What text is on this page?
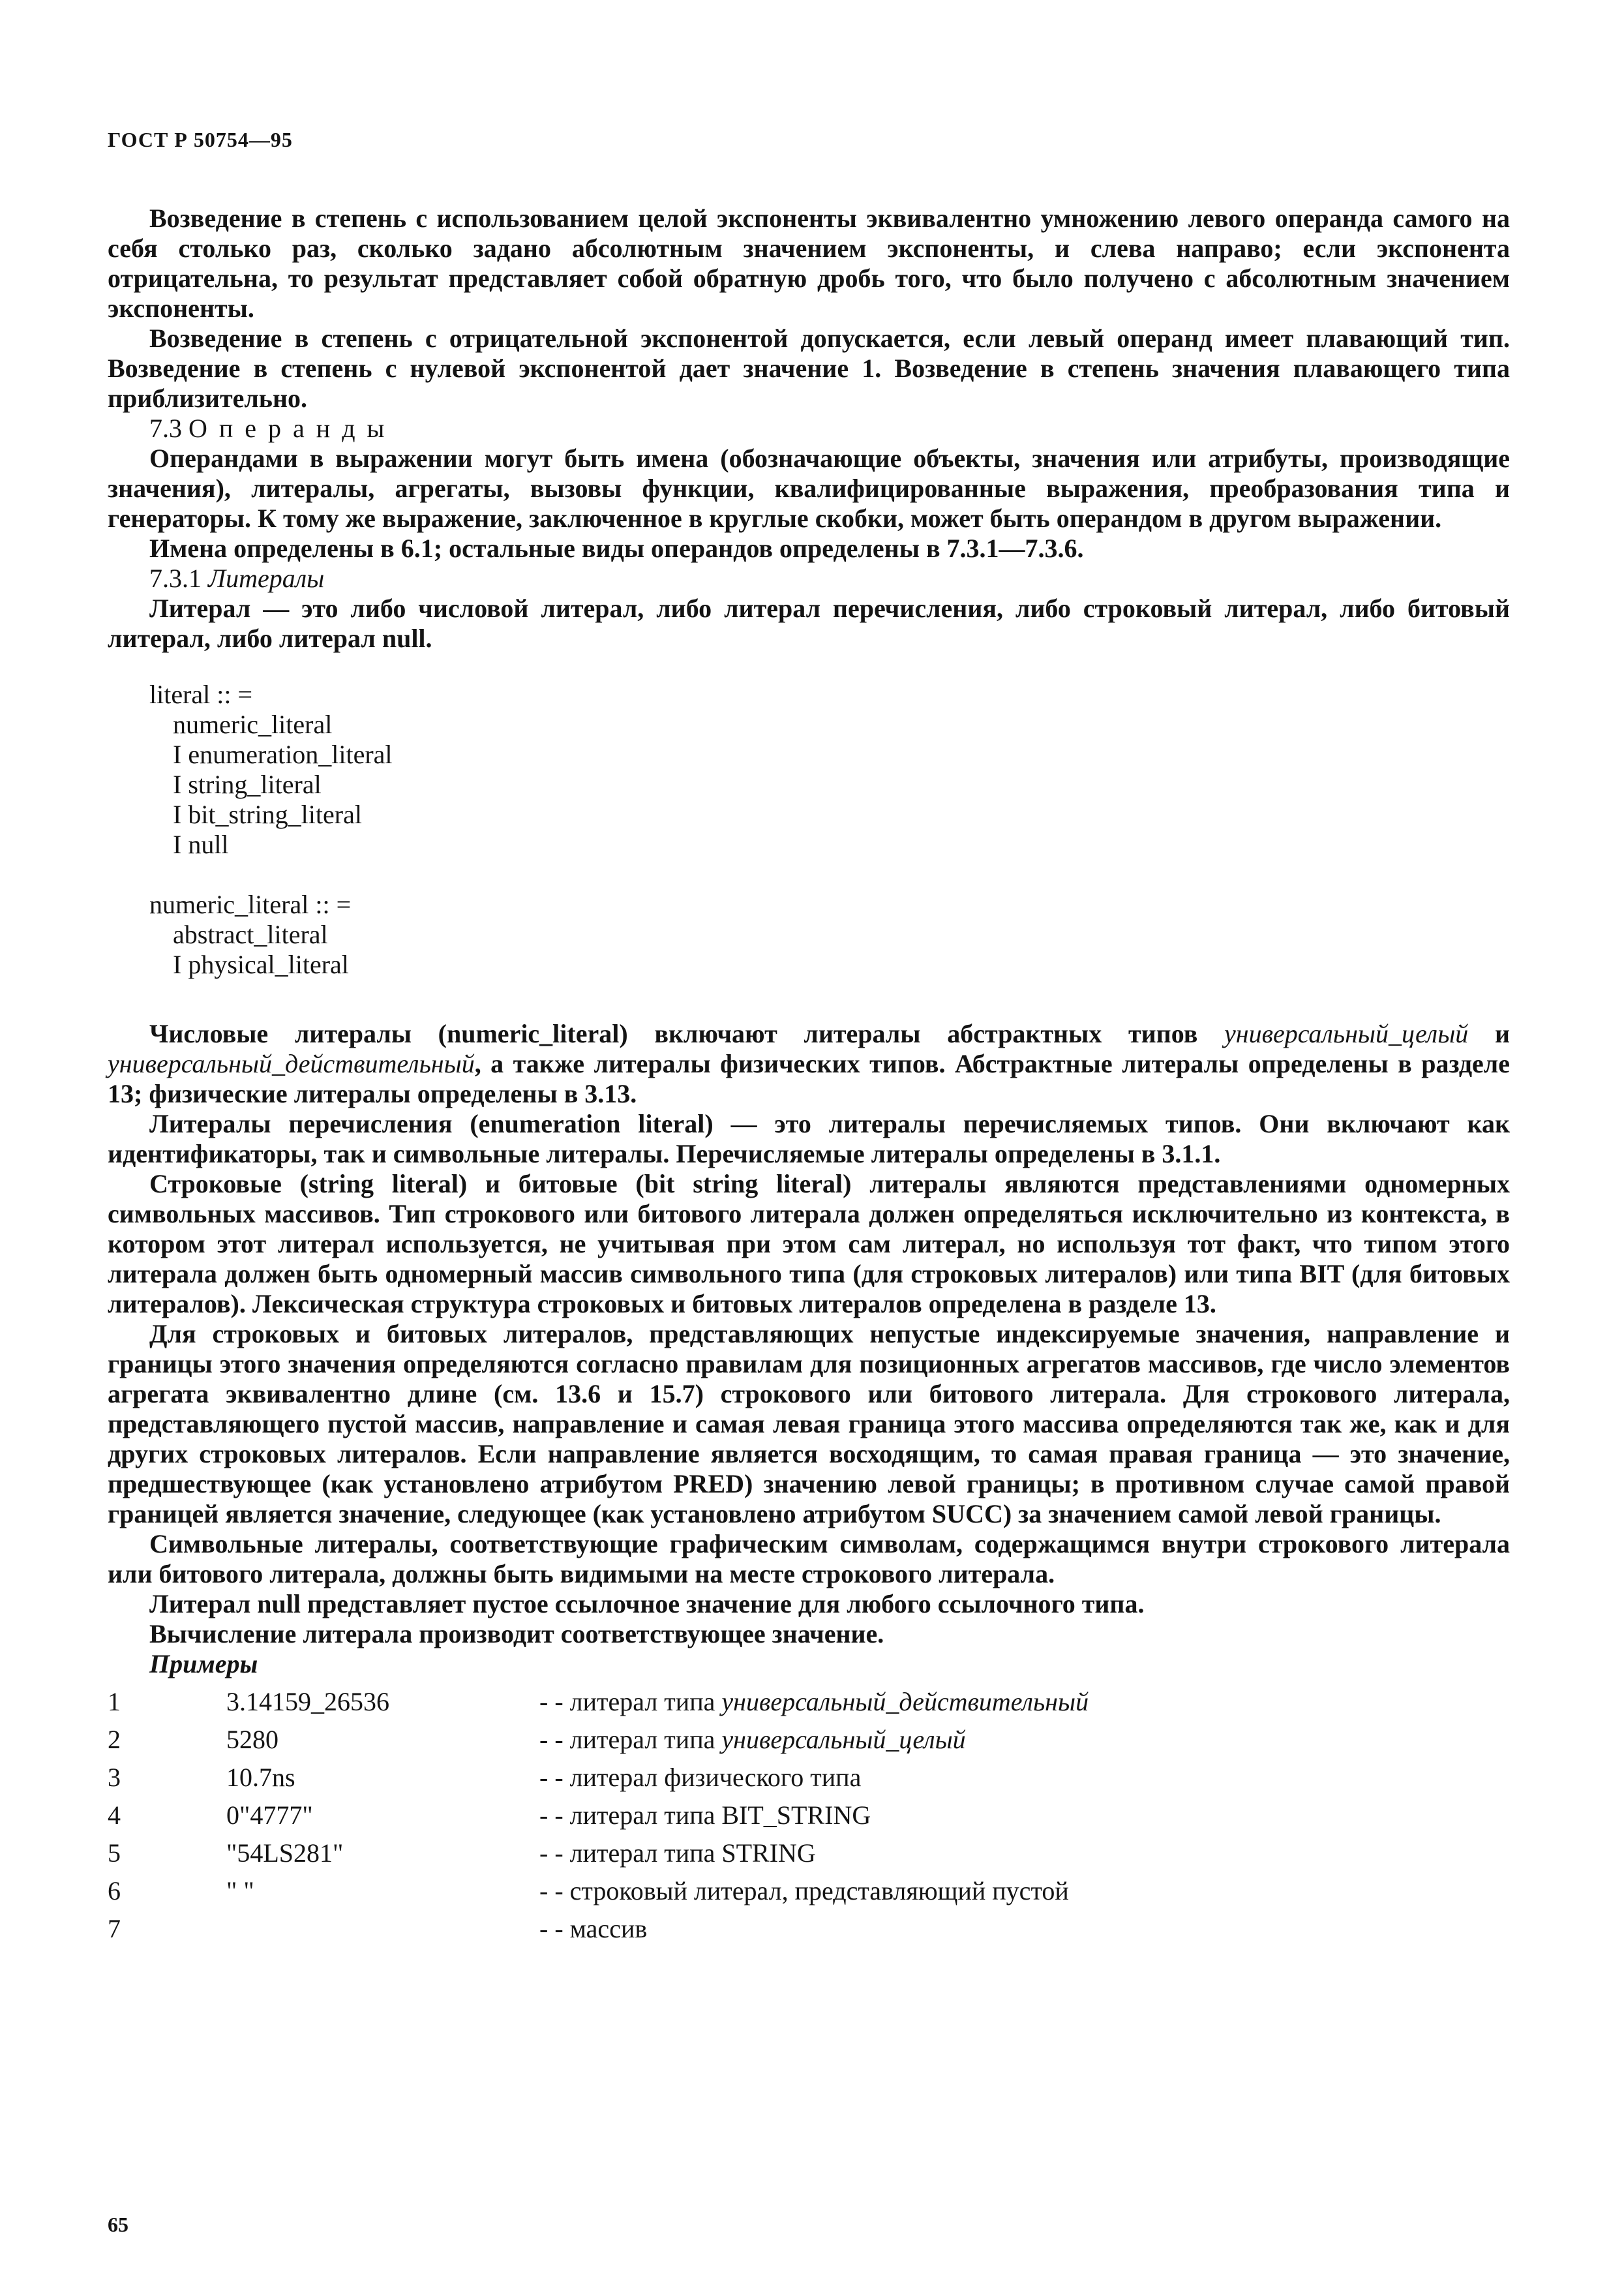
ГОСТ Р 50754—95

Возведение в степень с использованием целой экспоненты эквивалентно умножению левого операнда самого на себя столько раз, сколько задано абсолютным значением экспоненты, и слева направо; если экспонента отрицательна, то результат представляет собой обратную дробь того, что было получено с абсолютным значением экспоненты.

Возведение в степень с отрицательной экспонентой допускается, если левый операнд имеет плавающий тип. Возведение в степень с нулевой экспонентой дает значение 1. Возведение в степень значения плавающего типа приблизительно.

7.3 Операнды

Операндами в выражении могут быть имена (обозначающие объекты, значения или атрибуты, производящие значения), литералы, агрегаты, вызовы функции, квалифицированные выражения, преобразования типа и генераторы. К тому же выражение, заключенное в круглые скобки, может быть операндом в другом выражении.

Имена определены в 6.1; остальные виды операндов определены в 7.3.1—7.3.6.

7.3.1 Литералы

Литерал — это либо числовой литерал, либо литерал перечисления, либо строковый литерал, либо битовый литерал, либо литерал null.

literal :: =
numeric_literal
I enumeration_literal
I string_literal
I bit_string_literal
I null
numeric_literal :: =
abstract_literal
I physical_literal

Числовые литералы (numeric_literal) включают литералы абстрактных типов универсальный_целый и универсальный_действительный, а также литералы физических типов. Абстрактные литералы определены в разделе 13; физические литералы определены в 3.13.

Литералы перечисления (enumeration literal) — это литералы перечисляемых типов. Они включают как идентификаторы, так и символьные литералы. Перечисляемые литералы определены в 3.1.1.

Строковые (string literal) и битовые (bit string literal) литералы являются представлениями одномерных символьных массивов. Тип строкового или битового литерала должен определяться исключительно из контекста, в котором этот литерал используется, не учитывая при этом сам литерал, но используя тот факт, что типом этого литерала должен быть одномерный массив символьного типа (для строковых литералов) или типа BIT (для битовых литералов). Лексическая структура строковых и битовых литералов определена в разделе 13.

Для строковых и битовых литералов, представляющих непустые индексируемые значения, направление и границы этого значения определяются согласно правилам для позиционных агрегатов массивов, где число элементов агрегата эквивалентно длине (см. 13.6 и 15.7) строкового или битового литерала. Для строкового литерала, представляющего пустой массив, направление и самая левая граница этого массива определяются так же, как и для других строковых литералов. Если направление является восходящим, то самая правая граница — это значение, предшествующее (как установлено атрибутом PRED) значению левой границы; в противном случае самой правой границей является значение, следующее (как установлено атрибутом SUCC) за значением самой левой границы.

Символьные литералы, соответствующие графическим символам, содержащимся внутри строкового литерала или битового литерала, должны быть видимыми на месте строкового литерала.

Литерал null представляет пустое ссылочное значение для любого ссылочного типа.

Вычисление литерала производит соответствующее значение.

Примеры
1	3.14159_26536	- - литерал типа универсальный_действительный
2	5280	- - литерал типа универсальный_целый
3	10.7ns	- - литерал физического типа
4	0"4777"	- - литерал типа BIT_STRING
5	"54LS281"	- - литерал типа STRING
6	" "	- - строковый литерал, представляющий пустой
7		- - массив
65
